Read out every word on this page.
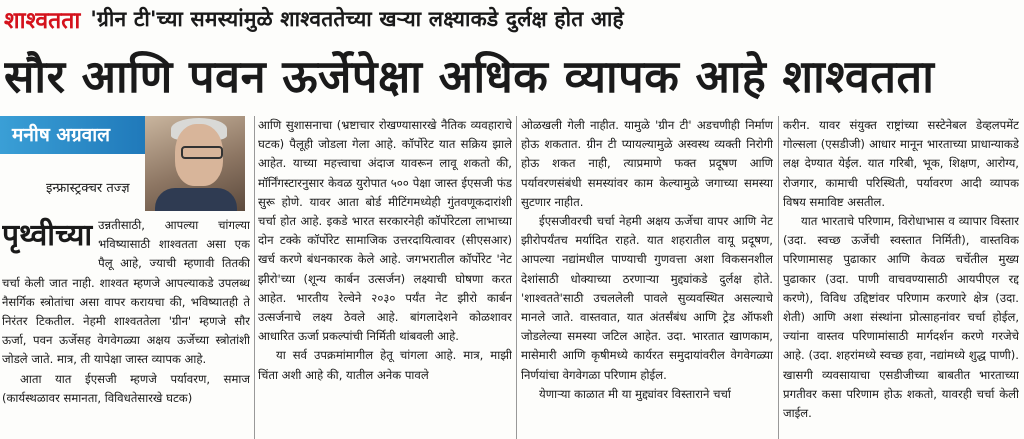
शाश्वतता 'ग्रीन टी'च्या समस्यांमुळे शाश्वततेच्या खऱ्या लक्ष्याकडे दुर्लक्ष होत आहे
सौर आणि पवन ऊर्जेपेक्षा अधिक व्यापक आहे शाश्वतता
मनीष अग्रवाल
इन्फ्रास्ट्रक्चर तज्ज्ञ

पृथ्वीच्या उन्नतीसाठी, आपल्या चांगल्या भविष्यासाठी शाश्वतता असा एक पैलू आहे, ज्याची म्हणावी तितकी चर्चा केली जात नाही. शाश्वत म्हणजे आपल्याकडे उपलब्ध नैसर्गिक स्त्रोतांचा असा वापर करायचा की, भविष्यातही ते निरंतर टिकतील. नेहमी शाश्वततेला 'ग्रीन' म्हणजे सौर ऊर्जा, पवन ऊर्जेसह वेगवेगळ्या अक्षय ऊर्जेच्या स्त्रोतांशी जोडले जाते. मात्र, ती यापेक्षा जास्त व्यापक आहे.

आता यात ईएसजी म्हणजे पर्यावरण, समाज (कार्यस्थळावर समानता, विविधतेसारखे घटक)

आणि सुशासनाचा (भ्रष्टाचार रोखण्यासारखे नैतिक व्यवहाराचे घटक) पैलूही जोडला गेला आहे. कॉर्पोरेट यात सक्रिय झाले आहेत. याच्या महत्त्वाचा अंदाज यावरून लावू शकतो की, मॉर्निंगस्टारनुसार केवळ युरोपात ५०० पेक्षा जास्त ईएसजी फंड सुरू होणे. यावर आता बोर्ड मीटिंगमध्येही गुंतवणूकदारांशी चर्चा होत आहे. इकडे भारत सरकारनेही कॉर्पोरेटला लाभाच्या दोन टक्के कॉर्पोरेट सामाजिक उत्तरदायित्वावर (सीएसआर) खर्च करणे बंधनकारक केले आहे. जगभरातील कॉर्पोरेट 'नेट झीरो'च्या (शून्य कार्बन उत्सर्जन) लक्ष्याची घोषणा करत आहेत. भारतीय रेल्वेने २०३० पर्यंत नेट झीरो कार्बन उत्सर्जनाचे लक्ष्य ठेवले आहे. बांगलादेशने कोळशावर आधारित ऊर्जा प्रकल्पांची निर्मिती थांबवली आहे.

या सर्व उपक्रमांमागील हेतू चांगला आहे. मात्र, माझी चिंता अशी आहे की, यातील अनेक पावले

ओळखली गेली नाहीत. यामुळे 'ग्रीन टी' अडचणीही निर्माण होऊ शकतात. ग्रीन टी प्यायल्यामुळे अस्वस्थ व्यक्ती निरोगी होऊ शकत नाही, त्याप्रमाणे फक्त प्रदूषण आणि पर्यावरणसंबंधी समस्यांवर काम केल्यामुळे जगाच्या समस्या सुटणार नाहीत.

ईएसजीवरची चर्चा नेहमी अक्षय ऊर्जेचा वापर आणि नेट झीरोपर्यंतच मर्यादित राहते. यात शहरातील वायू प्रदूषण, आपल्या नद्यांमधील पाण्याची गुणवत्ता अशा विकसनशील देशांसाठी धोक्याच्या ठरणाऱ्या मुद्द्यांकडे दुर्लक्ष होते. 'शाश्वतते'साठी उचललेली पावले सुव्यवस्थित असल्याचे मानले जाते. वास्तवात, यात अंतर्संबंध आणि ट्रेड ऑफशी जोडलेल्या समस्या जटिल आहेत. उदा. भारतात खाणकाम, मासेमारी आणि कृषीमध्ये कार्यरत समुदायांवरील वेगवेगळ्या निर्णयांचा वेगवेगळा परिणाम होईल.

येणाऱ्या काळात मी या मुद्द्यांवर विस्ताराने चर्चा

करीन. यावर संयुक्त राष्ट्रांच्या सस्टेनेबल डेव्हलपमेंट गोल्सला (एसडीजी) आधार मानून भारताच्या प्राधान्याकडे लक्ष देण्यात येईल. यात गरिबी, भूक, शिक्षण, आरोग्य, रोजगार, कामाची परिस्थिती, पर्यावरण आदी व्यापक विषय समाविष्ट असतील.

यात भारताचे परिणाम, विरोधाभास व व्यापार विस्तार (उदा. स्वच्छ ऊर्जेची स्वस्तात निर्मिती), वास्तविक परिणामासह पुढाकार आणि केवळ चर्चेतील मुख्य पुढाकार (उदा. पाणी वाचवण्यासाठी आयपीएल रद्द करणे), विविध उद्दिष्टांवर परिणाम करणारे क्षेत्र (उदा. शेती) आणि अशा संस्थांना प्रोत्साहनांवर चर्चा होईल, ज्यांना वास्तव परिणामांसाठी मार्गदर्शन करणे गरजेचे आहे. (उदा. शहरांमध्ये स्वच्छ हवा, नद्यांमध्ये शुद्ध पाणी). खासगी व्यवसायाचा एसडीजीच्या बाबतीत भारताच्या प्रगतीवर कसा परिणाम होऊ शकतो, यावरही चर्चा केली जाईल.
